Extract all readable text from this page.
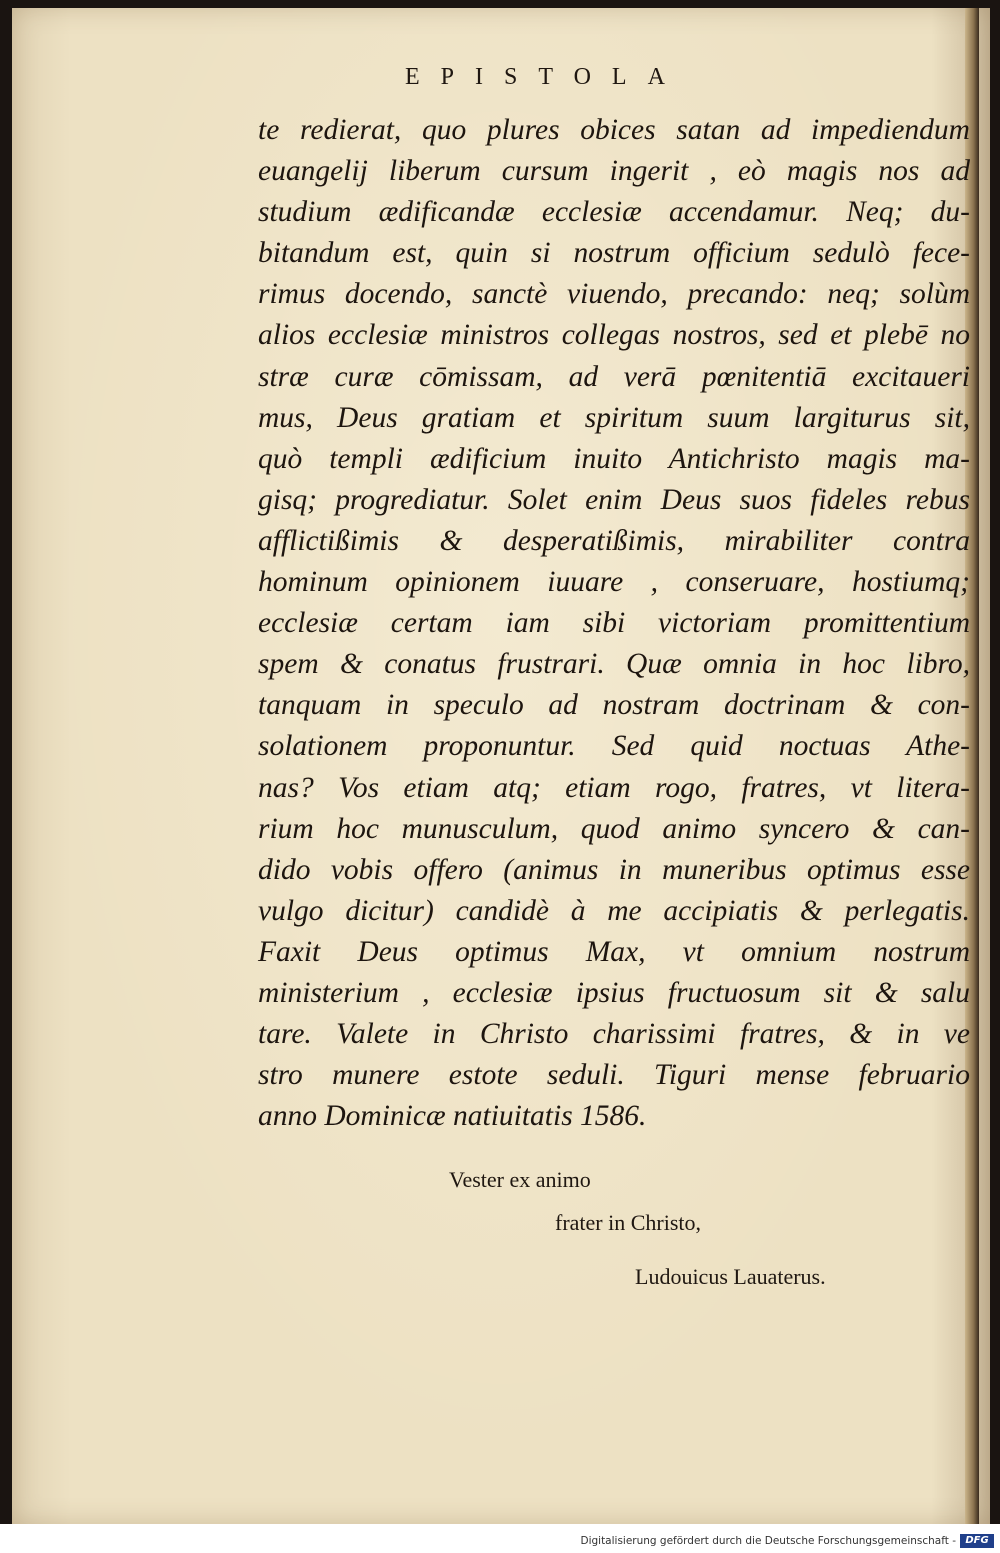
EPISTOLA
te redierat, quo plures obices satan ad impediendum
euangelij liberum cursum ingerit , eò magis nos ad
studium ædificandæ ecclesiæ accendamur. Neq; du-
bitandum est, quin si nostrum officium sedulò fece-
rimus docendo, sanctè viuendo, precando: neq; solùm
alios ecclesiæ ministros collegas nostros, sed et plebē no
stræ curæ cōmissam, ad verā pœnitentiā excitaueri
mus, Deus gratiam et spiritum suum largiturus sit,
quò templi ædificium inuito Antichristo magis ma-
gisq; progrediatur. Solet enim Deus suos fideles rebus
afflictißimis & desperatißimis, mirabiliter contra
hominum opinionem iuuare , conseruare, hostiumq;
ecclesiæ certam iam sibi victoriam promittentium
spem & conatus frustrari. Quæ omnia in hoc libro,
tanquam in speculo ad nostram doctrinam & con-
solationem proponuntur. Sed quid noctuas Athe-
nas? Vos etiam atq; etiam rogo, fratres, vt litera-
rium hoc munusculum, quod animo syncero & can-
dido vobis offero (animus in muneribus optimus esse
vulgo dicitur) candidè à me accipiatis & perlegatis.
Faxit Deus optimus Max, vt omnium nostrum
ministerium , ecclesiæ ipsius fructuosum sit & salu
tare. Valete in Christo charissimi fratres, & in ve
stro munere estote seduli. Tiguri mense februario
anno Dominicæ natiuitatis 1586.
Vester ex animo
frater in Christo,
Ludouicus Lauaterus.
Digitalisierung gefördert durch die Deutsche Forschungsgemeinschaft - DFG
